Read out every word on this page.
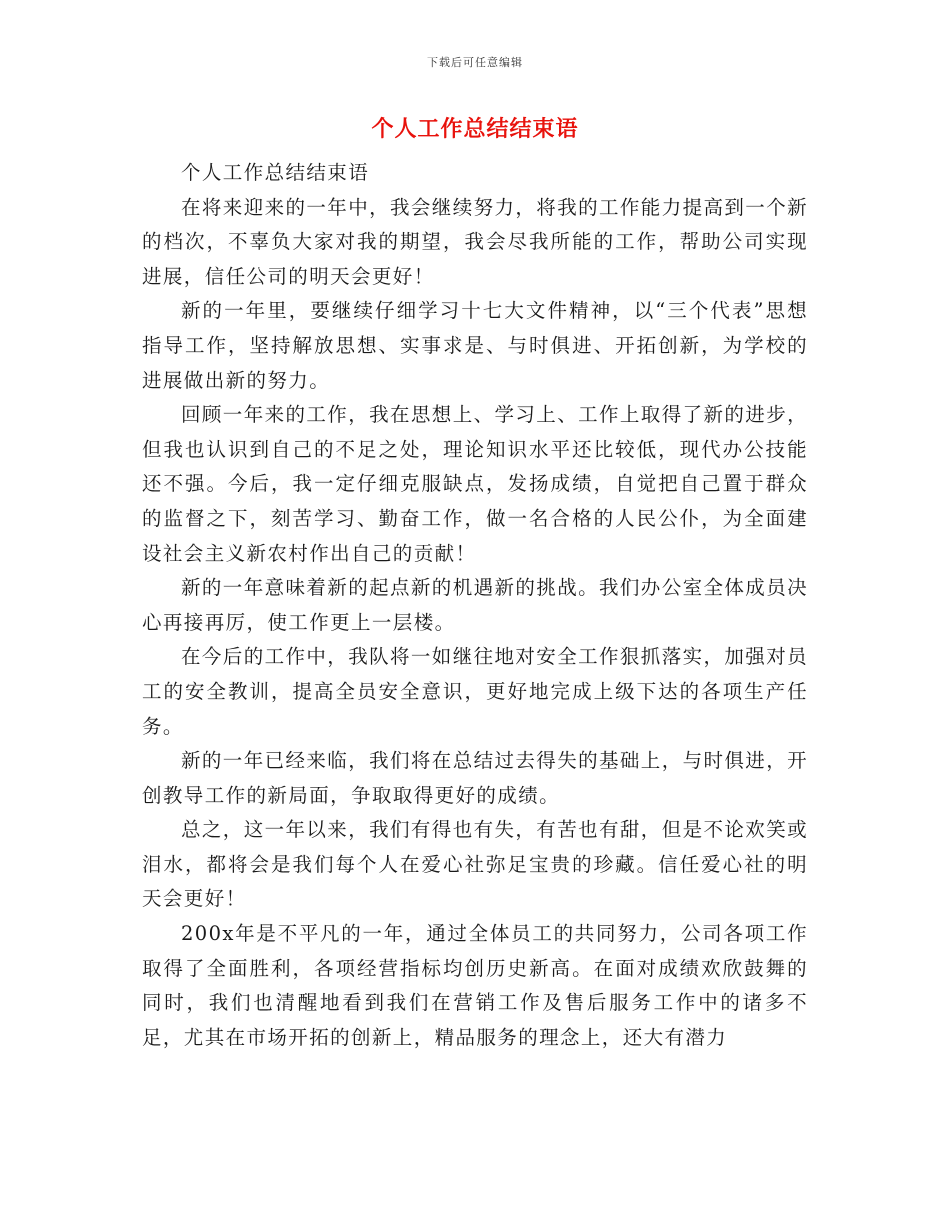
下载后可任意编辑
个人工作总结结束语

个人工作总结结束语

在将来迎来的一年中，我会继续努力，将我的工作能力提高到一个新的档次，不辜负大家对我的期望，我会尽我所能的工作，帮助公司实现进展，信任公司的明天会更好！

新的一年里，要继续仔细学习十七大文件精神，以“三个代表”思想指导工作，坚持解放思想、实事求是、与时俱进、开拓创新，为学校的进展做出新的努力。

回顾一年来的工作，我在思想上、学习上、工作上取得了新的进步，但我也认识到自己的不足之处，理论知识水平还比较低，现代办公技能还不强。今后，我一定仔细克服缺点，发扬成绩，自觉把自己置于群众的监督之下，刻苦学习、勤奋工作，做一名合格的人民公仆，为全面建设社会主义新农村作出自己的贡献！

新的一年意味着新的起点新的机遇新的挑战。我们办公室全体成员决心再接再厉，使工作更上一层楼。

在今后的工作中，我队将一如继往地对安全工作狠抓落实，加强对员工的安全教训，提高全员安全意识，更好地完成上级下达的各项生产任务。

新的一年已经来临，我们将在总结过去得失的基础上，与时俱进，开创教导工作的新局面，争取取得更好的成绩。

总之，这一年以来，我们有得也有失，有苦也有甜，但是不论欢笑或泪水，都将会是我们每个人在爱心社弥足宝贵的珍藏。信任爱心社的明天会更好！

200x年是不平凡的一年，通过全体员工的共同努力，公司各项工作取得了全面胜利，各项经营指标均创历史新高。在面对成绩欢欣鼓舞的同时，我们也清醒地看到我们在营销工作及售后服务工作中的诸多不足，尤其在市场开拓的创新上，精品服务的理念上，还大有潜力
